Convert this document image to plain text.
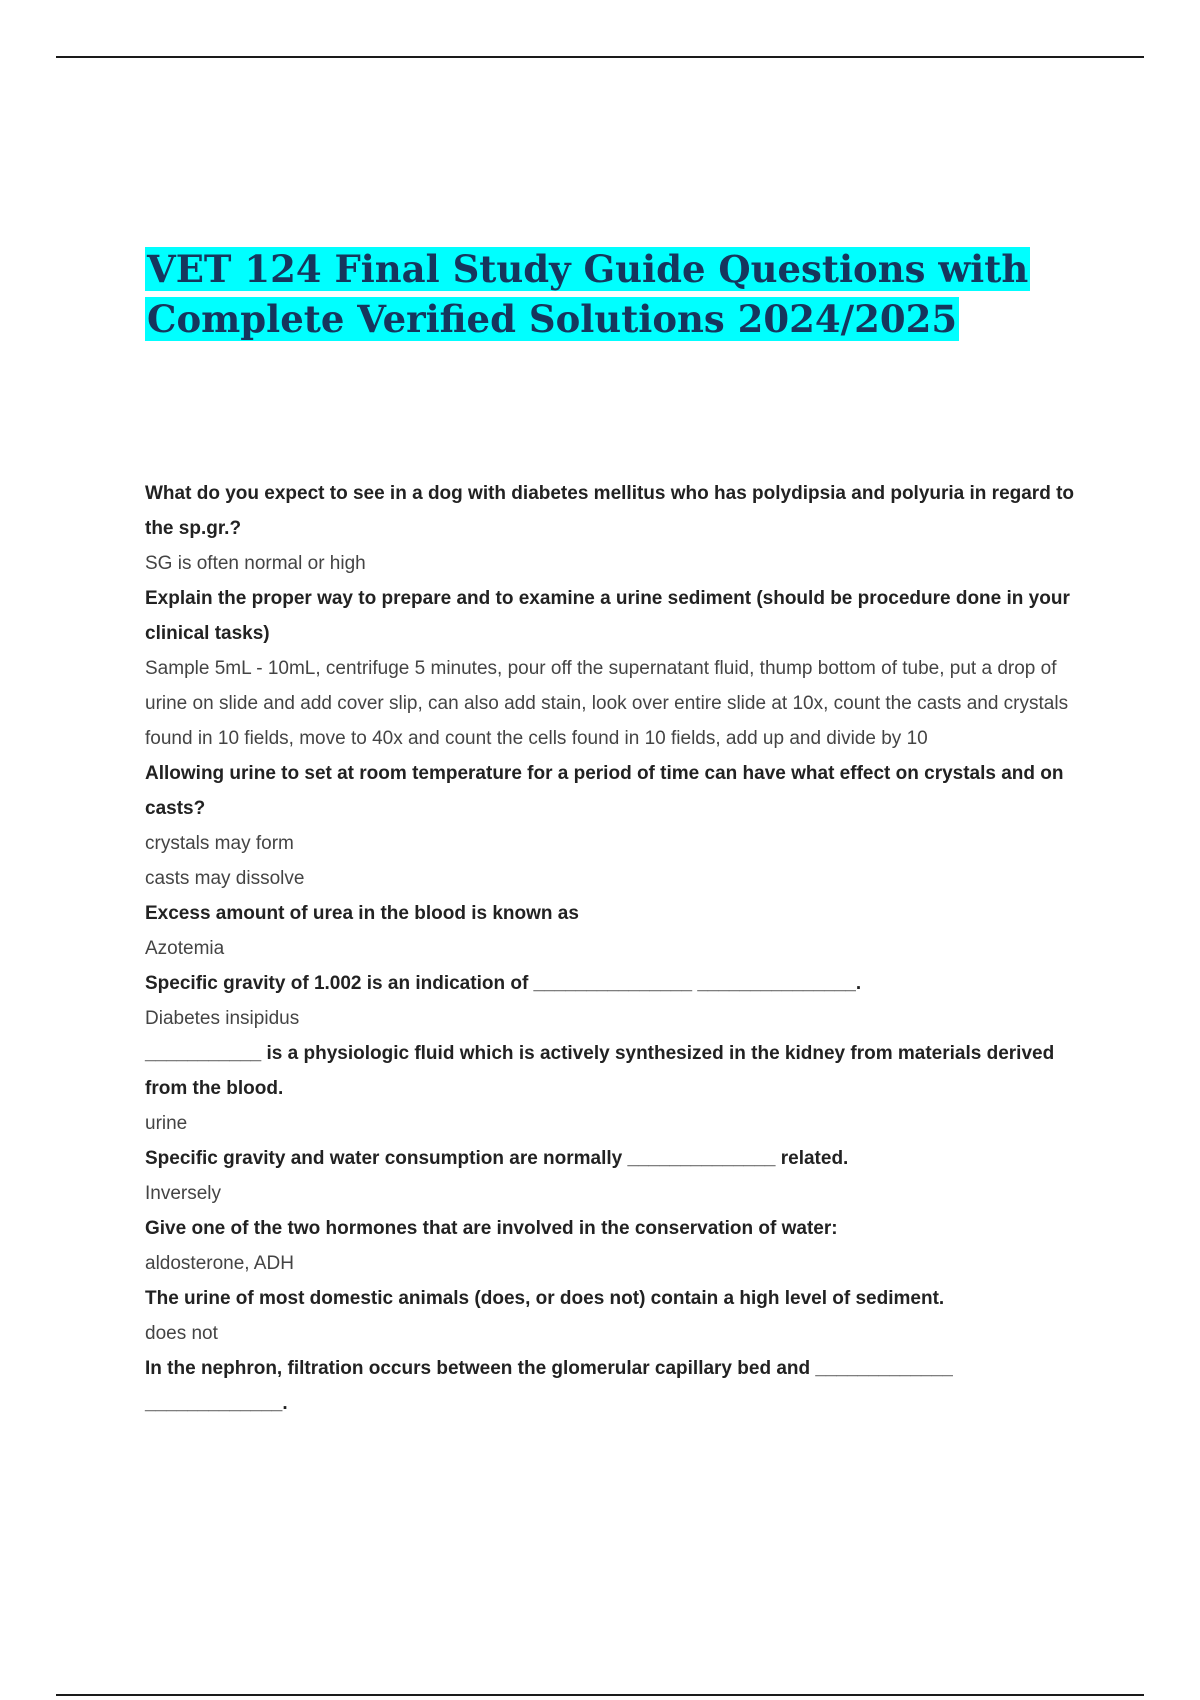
VET 124 Final Study Guide Questions with Complete Verified Solutions 2024/2025
What do you expect to see in a dog with diabetes mellitus who has polydipsia and polyuria in regard to the sp.gr.?
SG is often normal or high
Explain the proper way to prepare and to examine a urine sediment (should be procedure done in your clinical tasks)
Sample 5mL - 10mL, centrifuge 5 minutes, pour off the supernatant fluid, thump bottom of tube, put a drop of urine on slide and add cover slip, can also add stain, look over entire slide at 10x, count the casts and crystals found in 10 fields, move to 40x and count the cells found in 10 fields, add up and divide by 10
Allowing urine to set at room temperature for a period of time can have what effect on crystals and on casts?
crystals may form
casts may dissolve
Excess amount of urea in the blood is known as
Azotemia
Specific gravity of 1.002 is an indication of _______________ _______________.
Diabetes insipidus
___________ is a physiologic fluid which is actively synthesized in the kidney from materials derived from the blood.
urine
Specific gravity and water consumption are normally ______________ related.
Inversely
Give one of the two hormones that are involved in the conservation of water:
aldosterone, ADH
The urine of most domestic animals (does, or does not) contain a high level of sediment.
does not
In the nephron, filtration occurs between the glomerular capillary bed and _____________ _____________.
